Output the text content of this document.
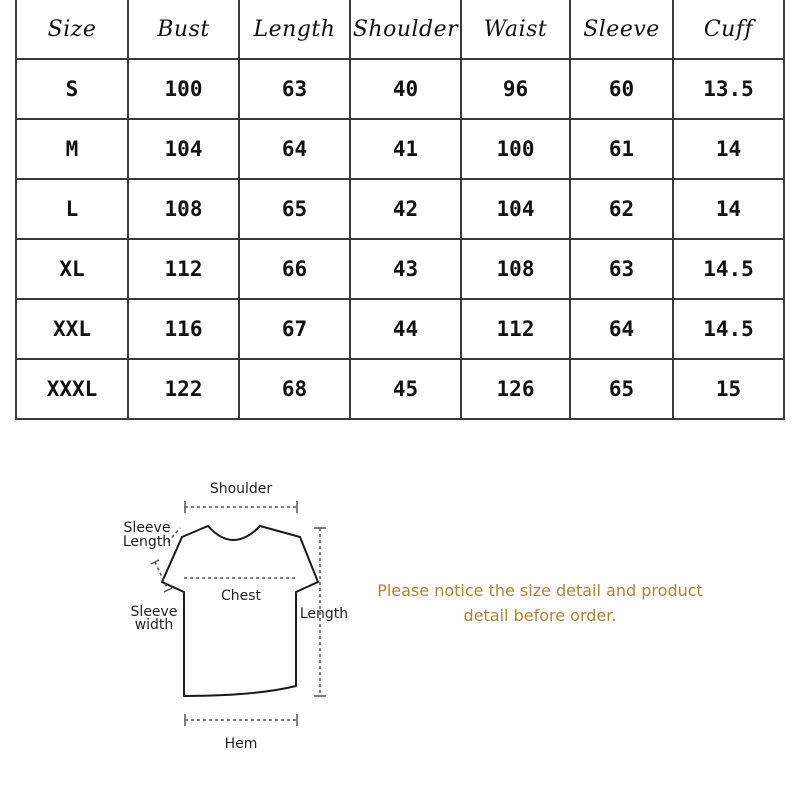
Size	Bust	Length	Shoulder	Waist	Sleeve	Cuff
S	100	63	40	96	60	13.5
M	104	64	41	100	61	14
L	108	65	42	104	62	14
XL	112	66	43	108	63	14.5
XXL	116	67	44	112	64	14.5
XXXL	122	68	45	126	65	15
Shoulder
Sleeve
Length
Chest
Sleeve
width
Length
Hem
Please notice the size detail and product detail before order.
